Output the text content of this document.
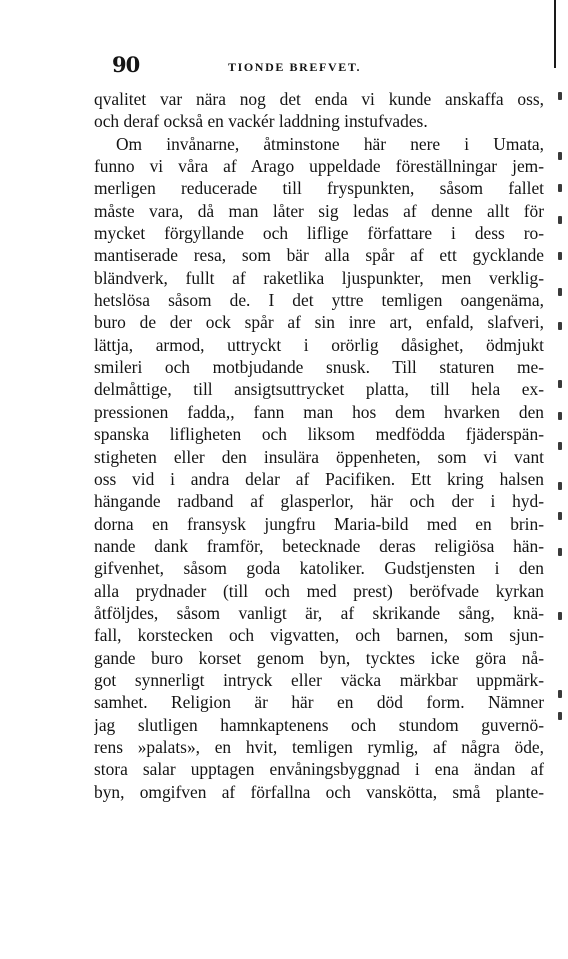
90	TIONDE BREFVET.
qvalitet var nära nog det enda vi kunde anskaffa oss,
och deraf också en vackér laddning instufvades.
Om invånarne, åtminstone här nere i Umata,
funno vi våra af Arago uppeldade föreställningar jem-
merligen reducerade till fryspunkten, såsom fallet
måste vara, då man låter sig ledas af denne allt för
mycket förgyllande och liflige författare i dess ro-
mantiserade resa, som bär alla spår af ett gycklande
bländverk, fullt af raketlika ljuspunkter, men verklig-
hetslösa såsom de. I det yttre temligen oangenäma,
buro de der ock spår af sin inre art, enfald, slafveri,
lättja, armod, uttryckt i orörlig dåsighet, ödmjukt
smileri och motbjudande snusk. Till staturen me-
delmåttige, till ansigtsuttrycket platta, till hela ex-
pressionen fadda,, fann man hos dem hvarken den
spanska lifligheten och liksom medfödda fjäderspän-
stigheten eller den insulära öppenheten, som vi vant
oss vid i andra delar af Pacifiken. Ett kring halsen
hängande radband af glasperlor, här och der i hyd-
dorna en fransysk jungfru Maria-bild med en brin-
nande dank framför, betecknade deras religiösa hän-
gifvenhet, såsom goda katoliker. Gudstjensten i den
alla prydnader (till och med prest) beröfvade kyrkan
åtföljdes, såsom vanligt är, af skrikande sång, knä-
fall, korstecken och vigvatten, och barnen, som sjun-
gande buro korset genom byn, tycktes icke göra nå-
got synnerligt intryck eller väcka märkbar uppmärk-
samhet. Religion är här en död form. Nämner
jag slutligen hamnkaptenens och stundom guvernö-
rens »palats», en hvit, temligen rymlig, af några öde,
stora salar upptagen envåningsbyggnad i ena ändan af
byn, omgifven af förfallna och vanskötta, små plante-
